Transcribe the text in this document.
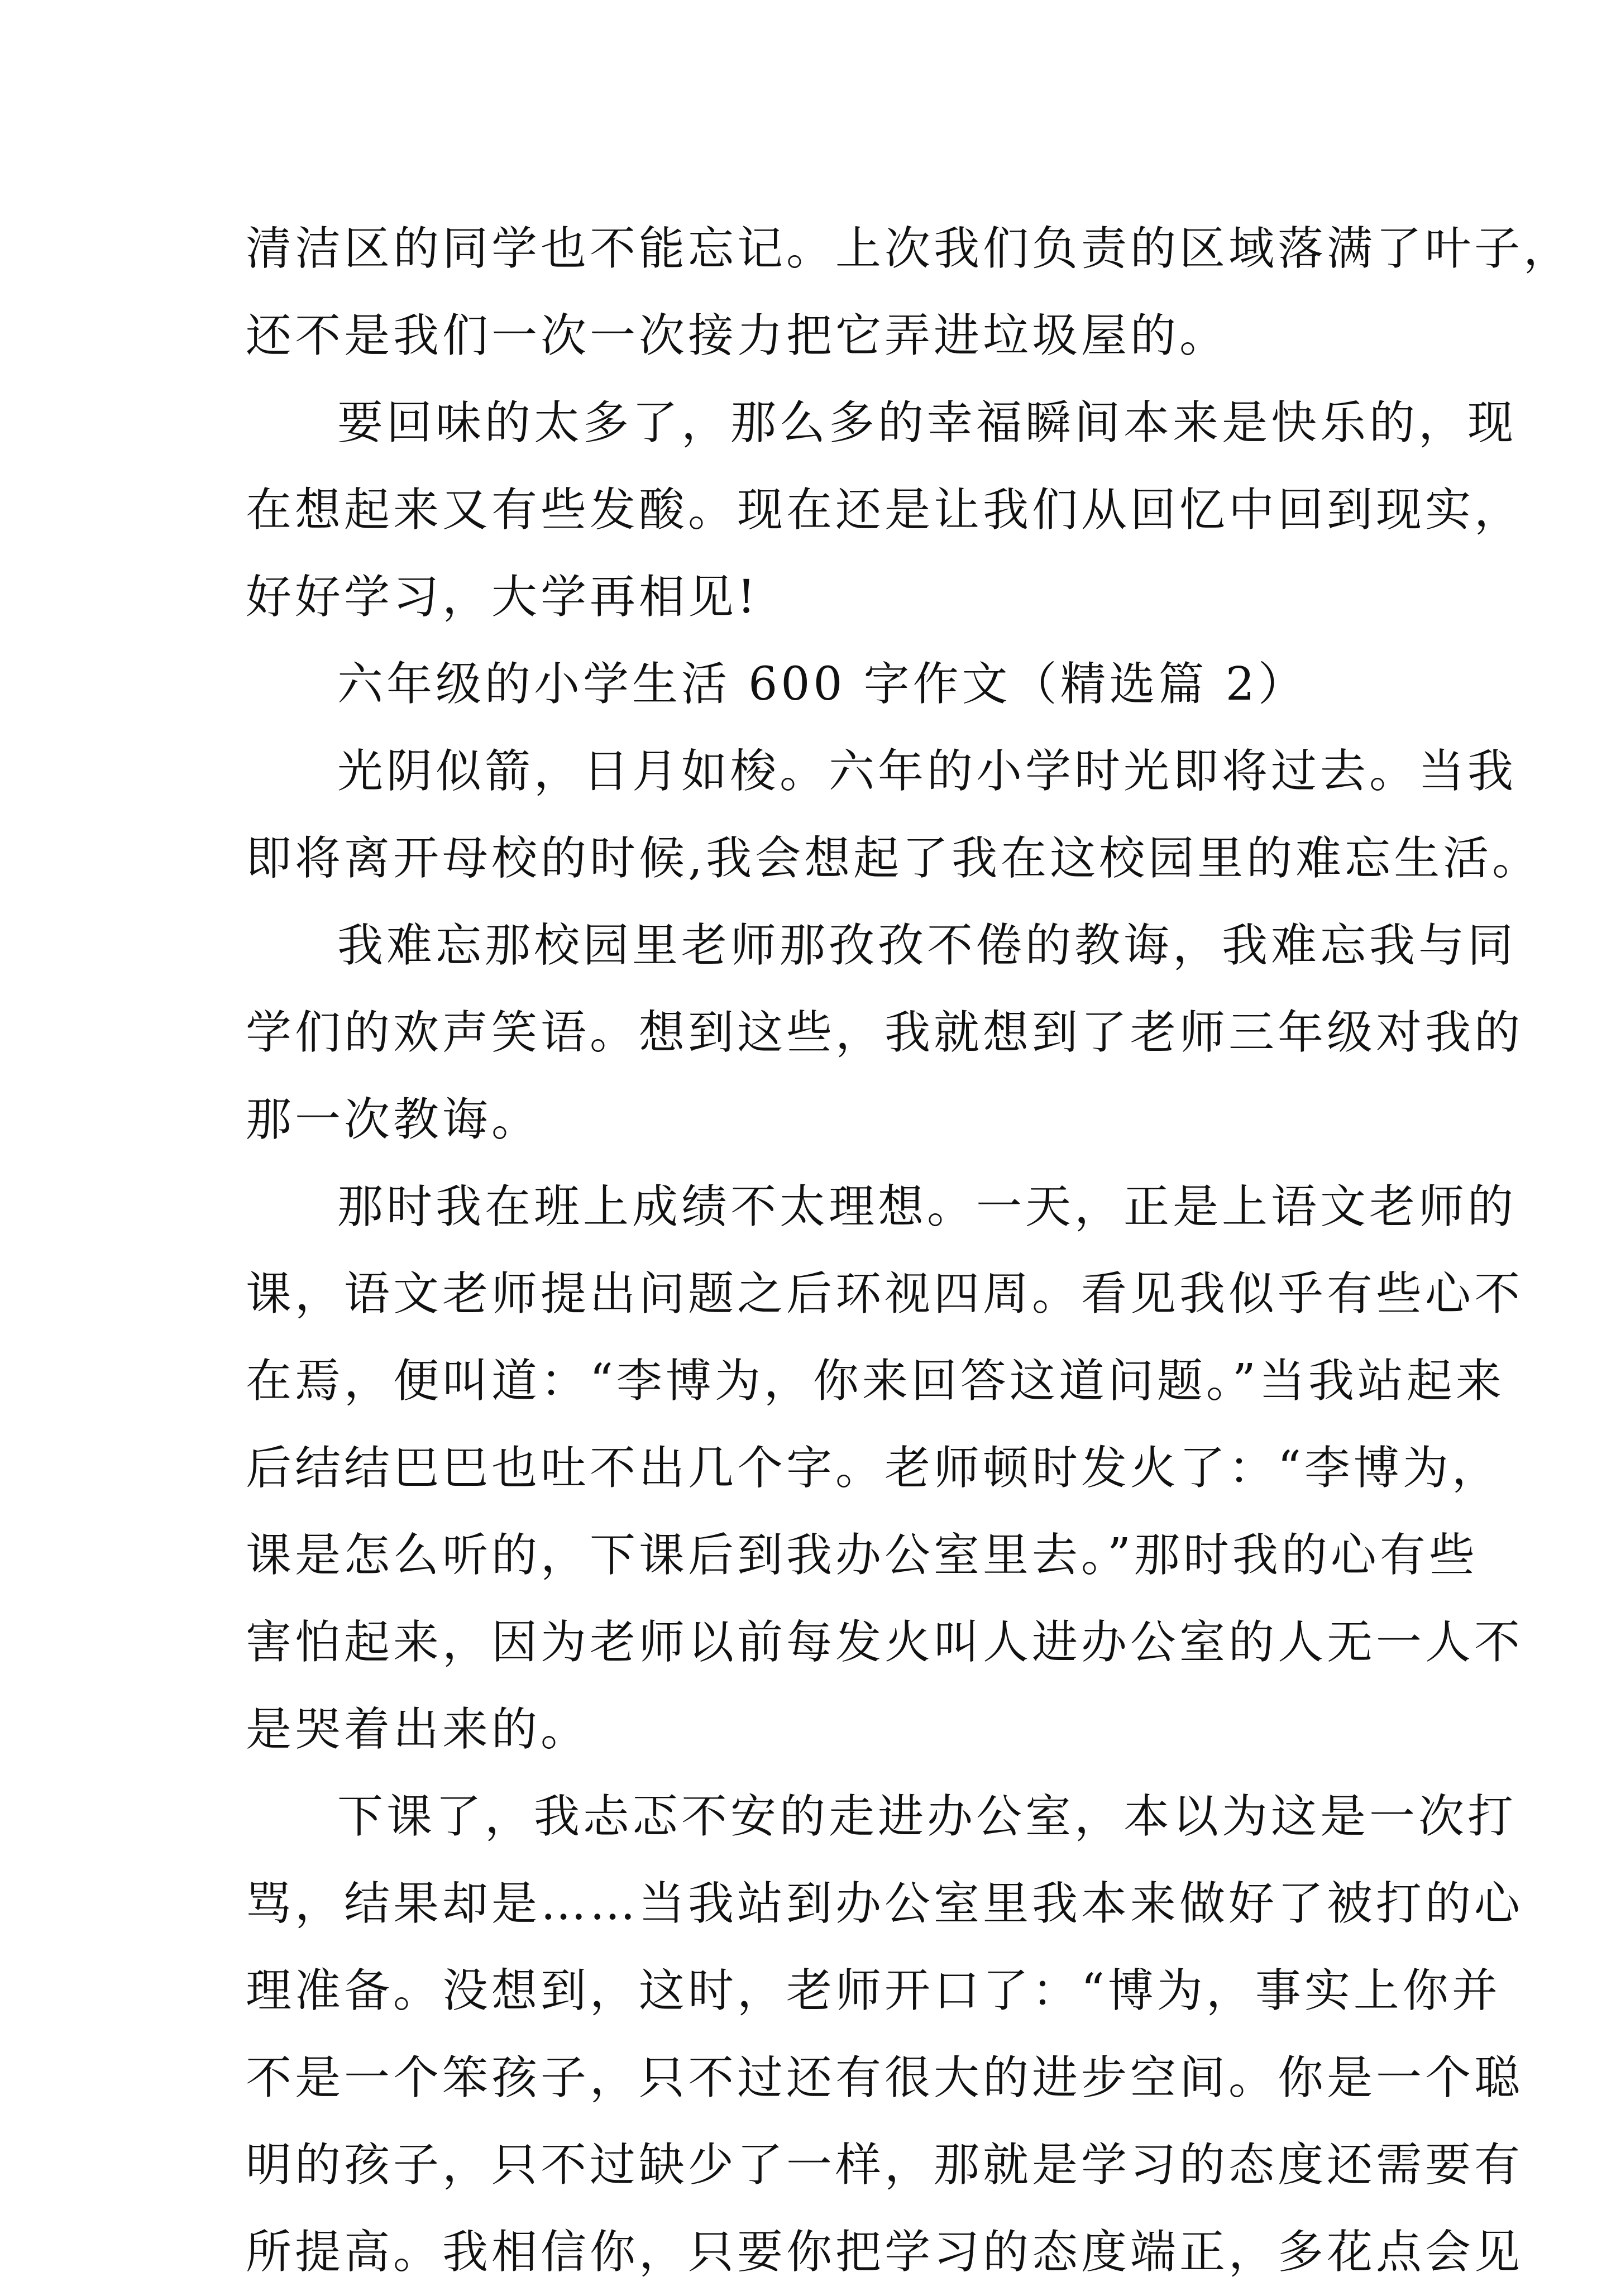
清洁区的同学也不能忘记。上次我们负责的区域落满了叶子，
还不是我们一次一次接力把它弄进垃圾屋的。
要回味的太多了，那么多的幸福瞬间本来是快乐的，现
在想起来又有些发酸。现在还是让我们从回忆中回到现实，
好好学习，大学再相见!
六年级的小学生活 600 字作文（精选篇 2）
光阴似箭，日月如梭。六年的小学时光即将过去。当我
即将离开母校的时候,我会想起了我在这校园里的难忘生活。
我难忘那校园里老师那孜孜不倦的教诲，我难忘我与同
学们的欢声笑语。想到这些，我就想到了老师三年级对我的
那一次教诲。
那时我在班上成绩不太理想。一天，正是上语文老师的
课，语文老师提出问题之后环视四周。看见我似乎有些心不
在焉，便叫道：“李博为，你来回答这道问题。”当我站起来
后结结巴巴也吐不出几个字。老师顿时发火了：“李博为，
课是怎么听的，下课后到我办公室里去。”那时我的心有些
害怕起来，因为老师以前每发火叫人进办公室的人无一人不
是哭着出来的。
下课了，我忐忑不安的走进办公室，本以为这是一次打
骂，结果却是……当我站到办公室里我本来做好了被打的心
理准备。没想到，这时，老师开口了：“博为，事实上你并
不是一个笨孩子，只不过还有很大的进步空间。你是一个聪
明的孩子，只不过缺少了一样，那就是学习的态度还需要有
所提高。我相信你，只要你把学习的态度端正，多花点会见
